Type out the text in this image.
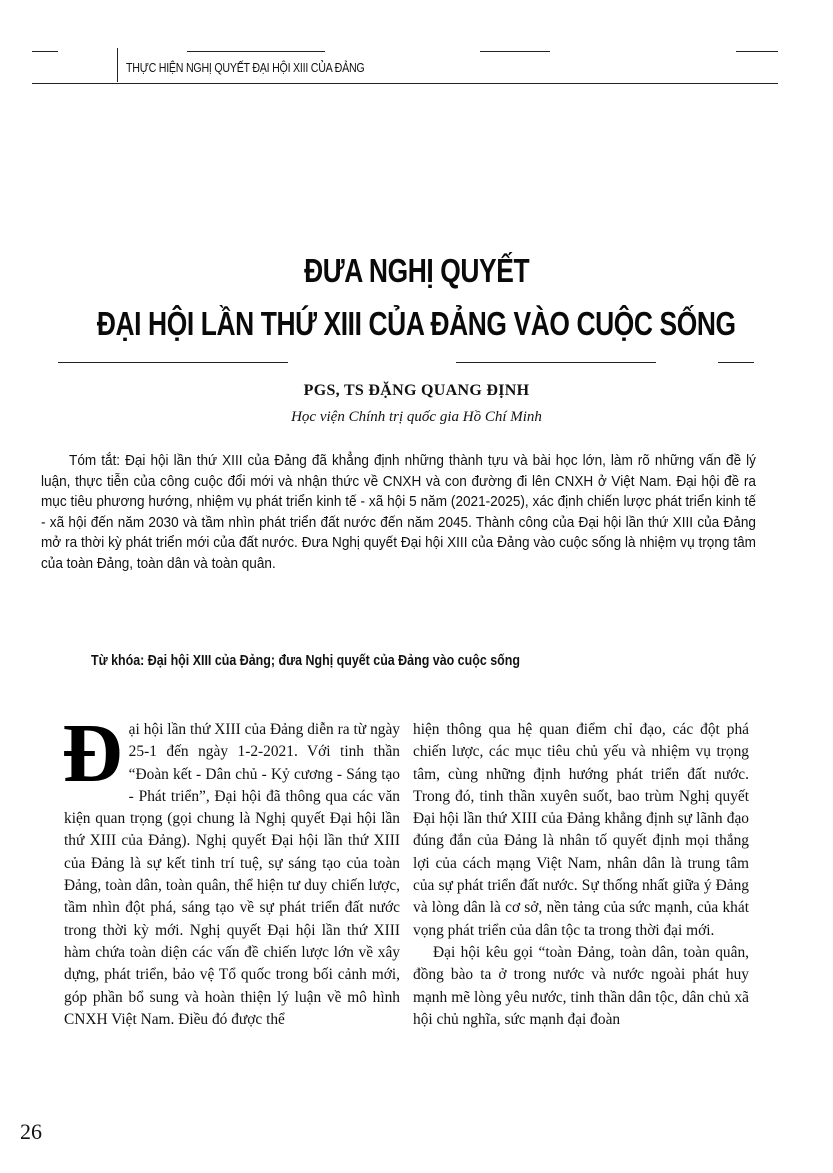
THỰC HIỆN NGHỊ QUYẾT ĐẠI HỘI XIII CỦA ĐẢNG
ĐƯA NGHỊ QUYẾT
ĐẠI HỘI LẦN THỨ XIII CỦA ĐẢNG VÀO CUỘC SỐNG
PGS, TS ĐẶNG QUANG ĐỊNH
Học viện Chính trị quốc gia Hồ Chí Minh

Tóm tắt: Đại hội lần thứ XIII của Đảng đã khẳng định những thành tựu và bài học lớn, làm rõ những vấn đề lý luận, thực tiễn của công cuộc đổi mới và nhận thức về CNXH và con đường đi lên CNXH ở Việt Nam. Đại hội đề ra mục tiêu phương hướng, nhiệm vụ phát triển kinh tế - xã hội 5 năm (2021-2025), xác định chiến lược phát triển kinh tế - xã hội đến năm 2030 và tầm nhìn phát triển đất nước đến năm 2045. Thành công của Đại hội lần thứ XIII của Đảng mở ra thời kỳ phát triển mới của đất nước. Đưa Nghị quyết Đại hội XIII của Đảng vào cuộc sống là nhiệm vụ trọng tâm của toàn Đảng, toàn dân và toàn quân.

Từ khóa: Đại hội XIII của Đảng; đưa Nghị quyết của Đảng vào cuộc sống
Đ ại hội lần thứ XIII của Đảng diễn ra từ ngày 25-1 đến ngày 1-2-2021. Với tinh thần “Đoàn kết - Dân chủ - Kỷ cương - Sáng tạo - Phát triển”, Đại hội đã thông qua các văn kiện quan trọng (gọi chung là Nghị quyết Đại hội lần thứ XIII của Đảng). Nghị quyết Đại hội lần thứ XIII của Đảng là sự kết tinh trí tuệ, sự sáng tạo của toàn Đảng, toàn dân, toàn quân, thể hiện tư duy chiến lược, tầm nhìn đột phá, sáng tạo về sự phát triển đất nước trong thời kỳ mới. Nghị quyết Đại hội lần thứ XIII hàm chứa toàn diện các vấn đề chiến lược lớn về xây dựng, phát triển, bảo vệ Tổ quốc trong bối cảnh mới, góp phần bổ sung và hoàn thiện lý luận về mô hình CNXH Việt Nam. Điều đó được thể

hiện thông qua hệ quan điểm chỉ đạo, các đột phá chiến lược, các mục tiêu chủ yếu và nhiệm vụ trọng tâm, cùng những định hướng phát triển đất nước. Trong đó, tinh thần xuyên suốt, bao trùm Nghị quyết Đại hội lần thứ XIII của Đảng khẳng định sự lãnh đạo đúng đắn của Đảng là nhân tố quyết định mọi thắng lợi của cách mạng Việt Nam, nhân dân là trung tâm của sự phát triển đất nước. Sự thống nhất giữa ý Đảng và lòng dân là cơ sở, nền tảng của sức mạnh, của khát vọng phát triển của dân tộc ta trong thời đại mới.

Đại hội kêu gọi “toàn Đảng, toàn dân, toàn quân, đồng bào ta ở trong nước và nước ngoài phát huy mạnh mẽ lòng yêu nước, tinh thần dân tộc, dân chủ xã hội chủ nghĩa, sức mạnh đại đoàn

26
